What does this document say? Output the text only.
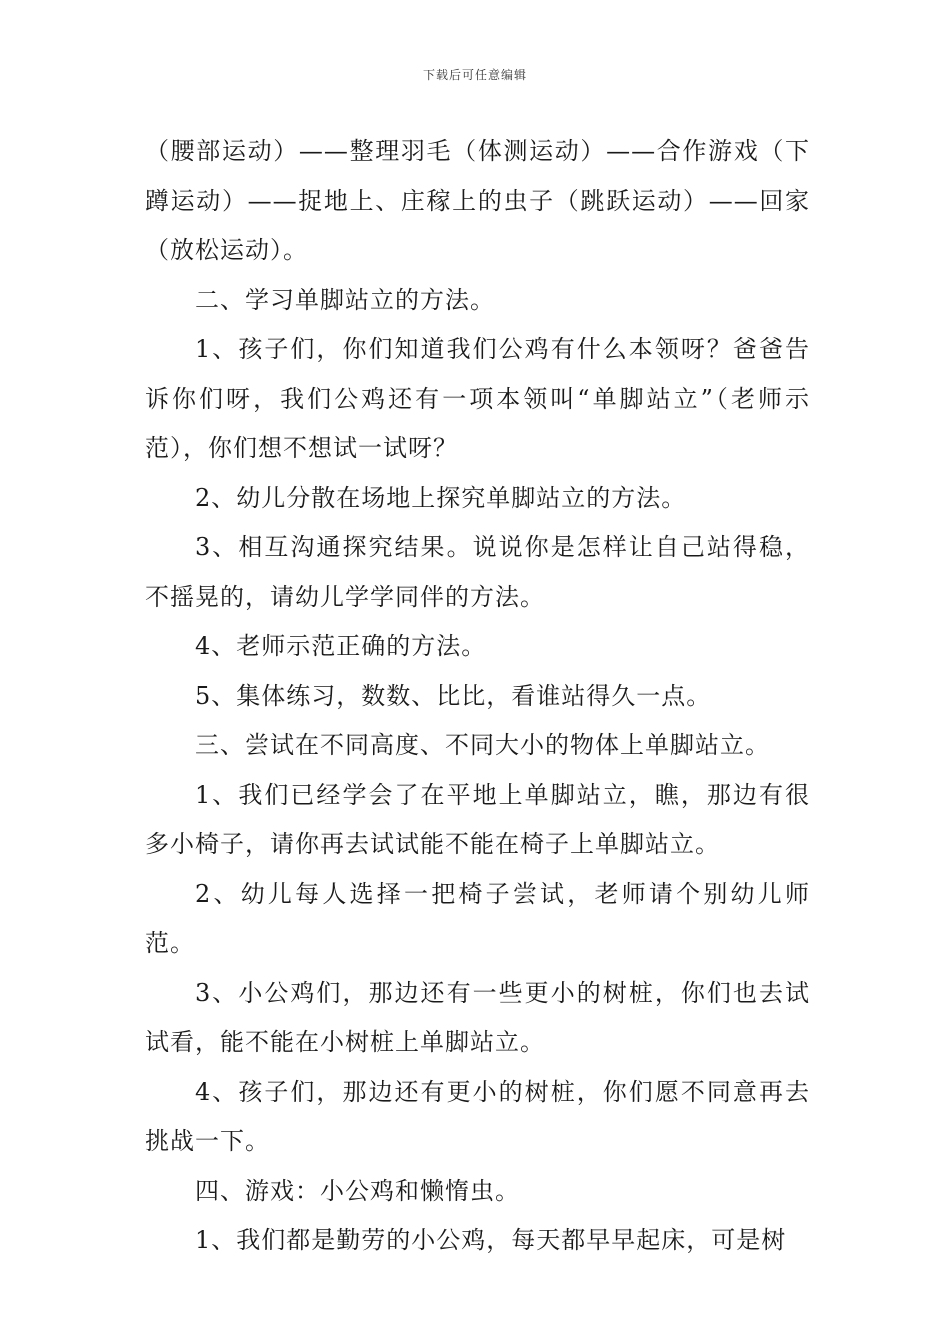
下载后可任意编辑

（腰部运动）——整理羽毛（体测运动）——合作游戏（下蹲运动）——捉地上、庄稼上的虫子（跳跃运动）——回家（放松运动）。

二、学习单脚站立的方法。

1、孩子们，你们知道我们公鸡有什么本领呀？爸爸告诉你们呀，我们公鸡还有一项本领叫“单脚站立”（老师示范），你们想不想试一试呀？

2、幼儿分散在场地上探究单脚站立的方法。

3、相互沟通探究结果。说说你是怎样让自己站得稳，不摇晃的，请幼儿学学同伴的方法。

4、老师示范正确的方法。

5、集体练习，数数、比比，看谁站得久一点。

三、尝试在不同高度、不同大小的物体上单脚站立。

1、我们已经学会了在平地上单脚站立，瞧，那边有很多小椅子，请你再去试试能不能在椅子上单脚站立。

2、幼儿每人选择一把椅子尝试，老师请个别幼儿师范。

3、小公鸡们，那边还有一些更小的树桩，你们也去试试看，能不能在小树桩上单脚站立。

4、孩子们，那边还有更小的树桩，你们愿不同意再去挑战一下。

四、游戏：小公鸡和懒惰虫。

1、我们都是勤劳的小公鸡，每天都早早起床，可是树
